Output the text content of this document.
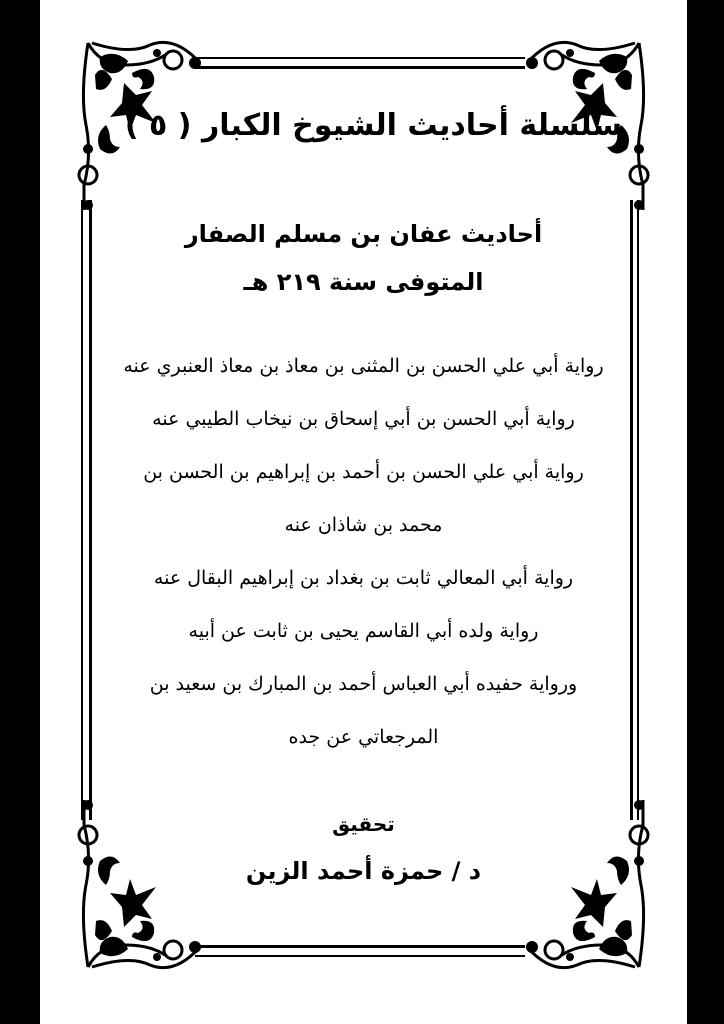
سلسلة أحاديث الشيوخ الكبار ( ٥ )
أحاديث عفان بن مسلم الصفار
المتوفى سنة ٢١٩ هـ
رواية أبي علي الحسن بن المثنى بن معاذ بن معاذ العنبري عنه
رواية أبي الحسن بن أبي إسحاق بن نيخاب الطيبي عنه
رواية أبي علي الحسن بن أحمد بن إبراهيم بن الحسن بن
محمد بن شاذان عنه
رواية أبي المعالي ثابت بن بغداد بن إبراهيم البقال عنه
رواية ولده أبي القاسم يحيى بن ثابت عن أبيه
ورواية حفيده أبي العباس أحمد بن المبارك بن سعيد بن
المرجعاتي عن جده
تحقيق
د / حمزة أحمد الزين
